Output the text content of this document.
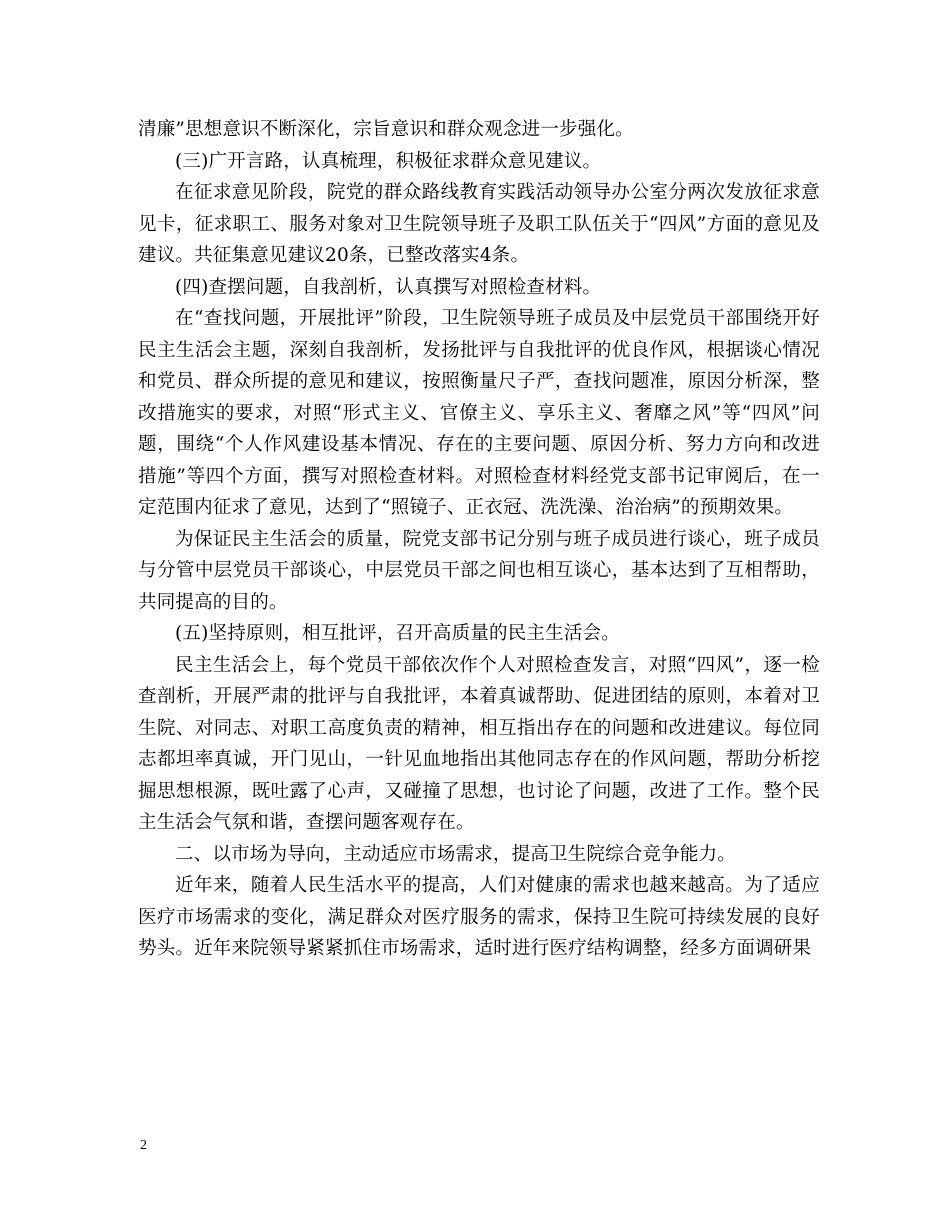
清廉”思想意识不断深化，宗旨意识和群众观念进一步强化。

(三)广开言路，认真梳理，积极征求群众意见建议。

在征求意见阶段，院党的群众路线教育实践活动领导办公室分两次发放征求意见卡，征求职工、服务对象对卫生院领导班子及职工队伍关于“四风”方面的意见及建议。共征集意见建议20条，已整改落实4条。

(四)查摆问题，自我剖析，认真撰写对照检查材料。

在“查找问题，开展批评”阶段，卫生院领导班子成员及中层党员干部围绕开好民主生活会主题，深刻自我剖析，发扬批评与自我批评的优良作风，根据谈心情况和党员、群众所提的意见和建议，按照衡量尺子严，查找问题准，原因分析深，整改措施实的要求，对照“形式主义、官僚主义、享乐主义、奢靡之风”等“四风”问题，围绕“个人作风建设基本情况、存在的主要问题、原因分析、努力方向和改进措施”等四个方面，撰写对照检查材料。对照检查材料经党支部书记审阅后，在一定范围内征求了意见，达到了“照镜子、正衣冠、洗洗澡、治治病”的预期效果。

为保证民主生活会的质量，院党支部书记分别与班子成员进行谈心，班子成员与分管中层党员干部谈心，中层党员干部之间也相互谈心，基本达到了互相帮助，共同提高的目的。

(五)坚持原则，相互批评，召开高质量的民主生活会。

民主生活会上，每个党员干部依次作个人对照检查发言，对照“四风”，逐一检查剖析，开展严肃的批评与自我批评，本着真诚帮助、促进团结的原则，本着对卫生院、对同志、对职工高度负责的精神，相互指出存在的问题和改进建议。每位同志都坦率真诚，开门见山，一针见血地指出其他同志存在的作风问题，帮助分析挖掘思想根源，既吐露了心声，又碰撞了思想，也讨论了问题，改进了工作。整个民主生活会气氛和谐，查摆问题客观存在。

二、以市场为导向，主动适应市场需求，提高卫生院综合竞争能力。

近年来，随着人民生活水平的提高，人们对健康的需求也越来越高。为了适应医疗市场需求的变化，满足群众对医疗服务的需求，保持卫生院可持续发展的良好势头。近年来院领导紧紧抓住市场需求，适时进行医疗结构调整，经多方面调研果

2
